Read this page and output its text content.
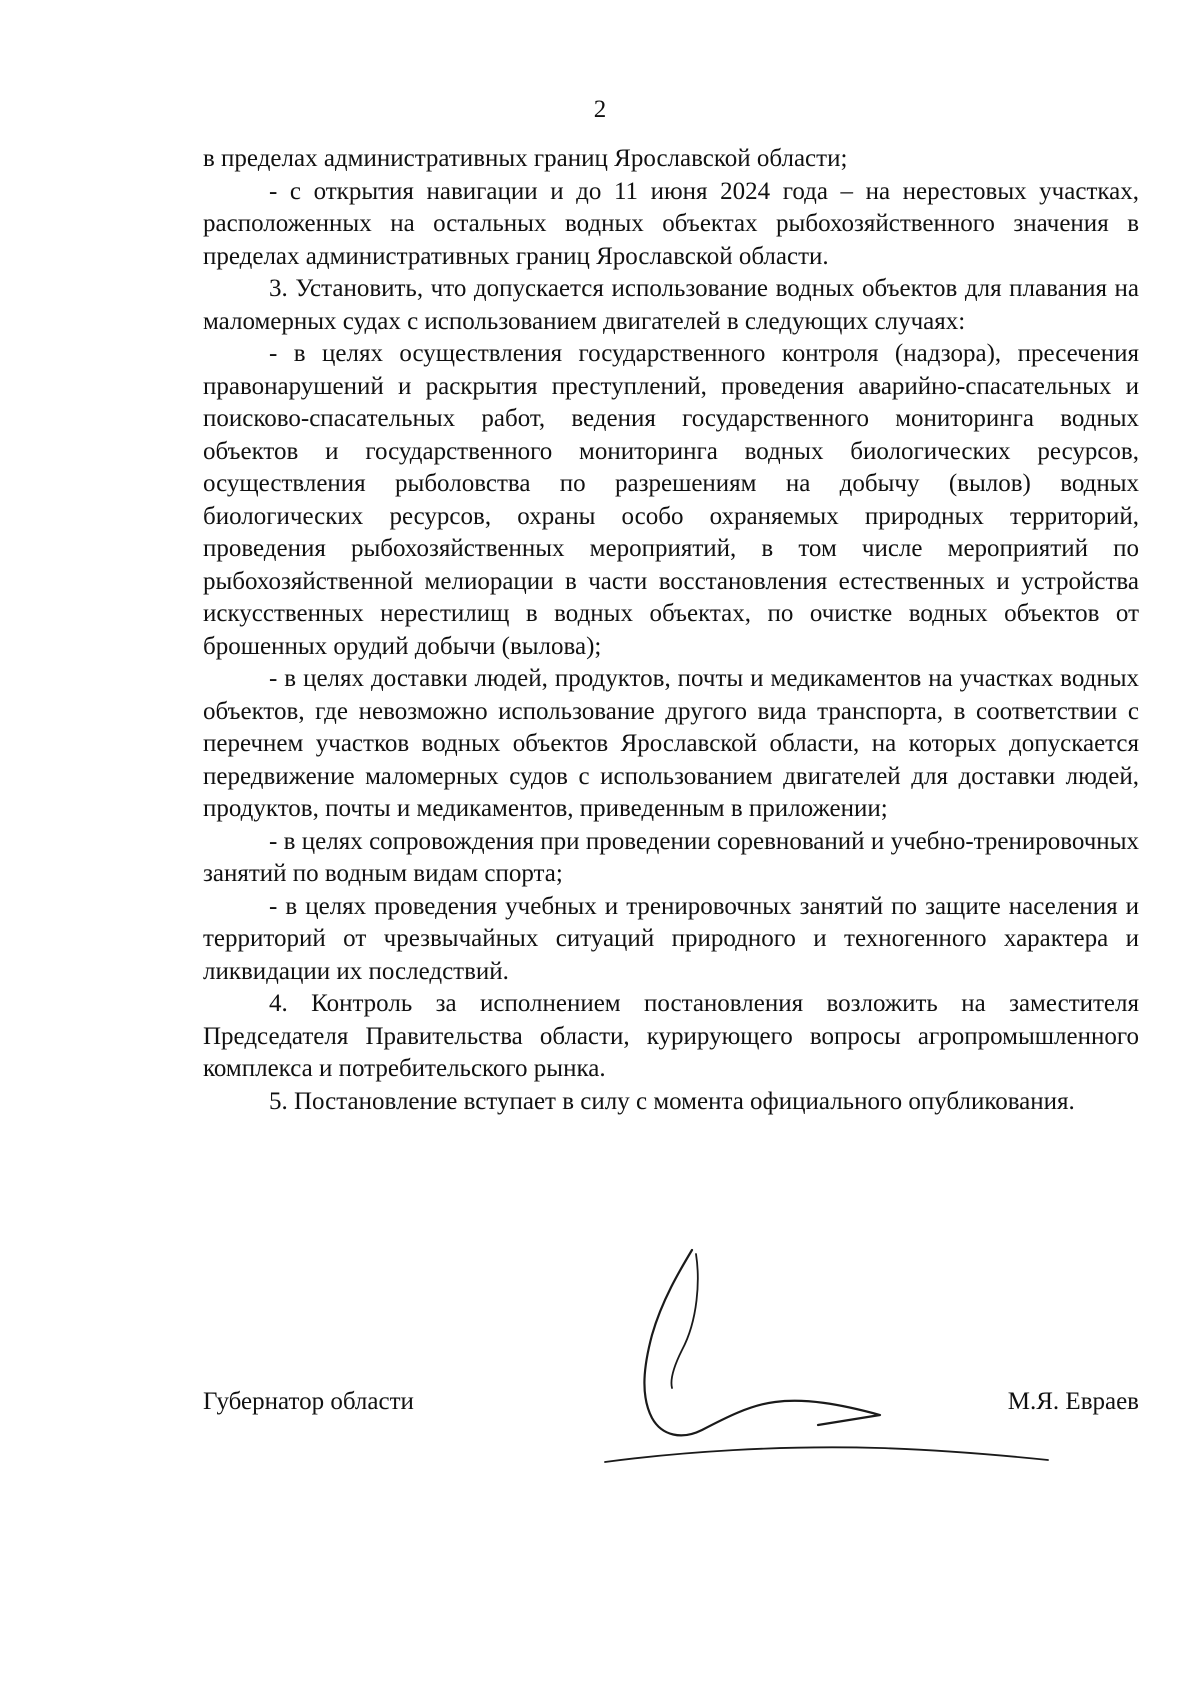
2

в пределах административных границ Ярославской области;

- с открытия навигации и до 11 июня 2024 года – на нерестовых участках, расположенных на остальных водных объектах рыбохозяйственного значения в пределах административных границ Ярославской области.

3. Установить, что допускается использование водных объектов для плавания на маломерных судах с использованием двигателей в следующих случаях:

- в целях осуществления государственного контроля (надзора), пресечения правонарушений и раскрытия преступлений, проведения аварийно-спасательных и поисково-спасательных работ, ведения государственного мониторинга водных объектов и государственного мониторинга водных биологических ресурсов, осуществления рыболовства по разрешениям на добычу (вылов) водных биологических ресурсов, охраны особо охраняемых природных территорий, проведения рыбохозяйственных мероприятий, в том числе мероприятий по рыбохозяйственной мелиорации в части восстановления естественных и устройства искусственных нерестилищ в водных объектах, по очистке водных объектов от брошенных орудий добычи (вылова);

- в целях доставки людей, продуктов, почты и медикаментов на участках водных объектов, где невозможно использование другого вида транспорта, в соответствии с перечнем участков водных объектов Ярославской области, на которых допускается передвижение маломерных судов с использованием двигателей для доставки людей, продуктов, почты и медикаментов, приведенным в приложении;

- в целях сопровождения при проведении соревнований и учебно-тренировочных занятий по водным видам спорта;

- в целях проведения учебных и тренировочных занятий по защите населения и территорий от чрезвычайных ситуаций природного и техногенного характера и ликвидации их последствий.

4. Контроль за исполнением постановления возложить на заместителя Председателя Правительства области, курирующего вопросы агропромышленного комплекса и потребительского рынка.

5. Постановление вступает в силу с момента официального опубликования.

Губернатор области	М.Я. Евраев
